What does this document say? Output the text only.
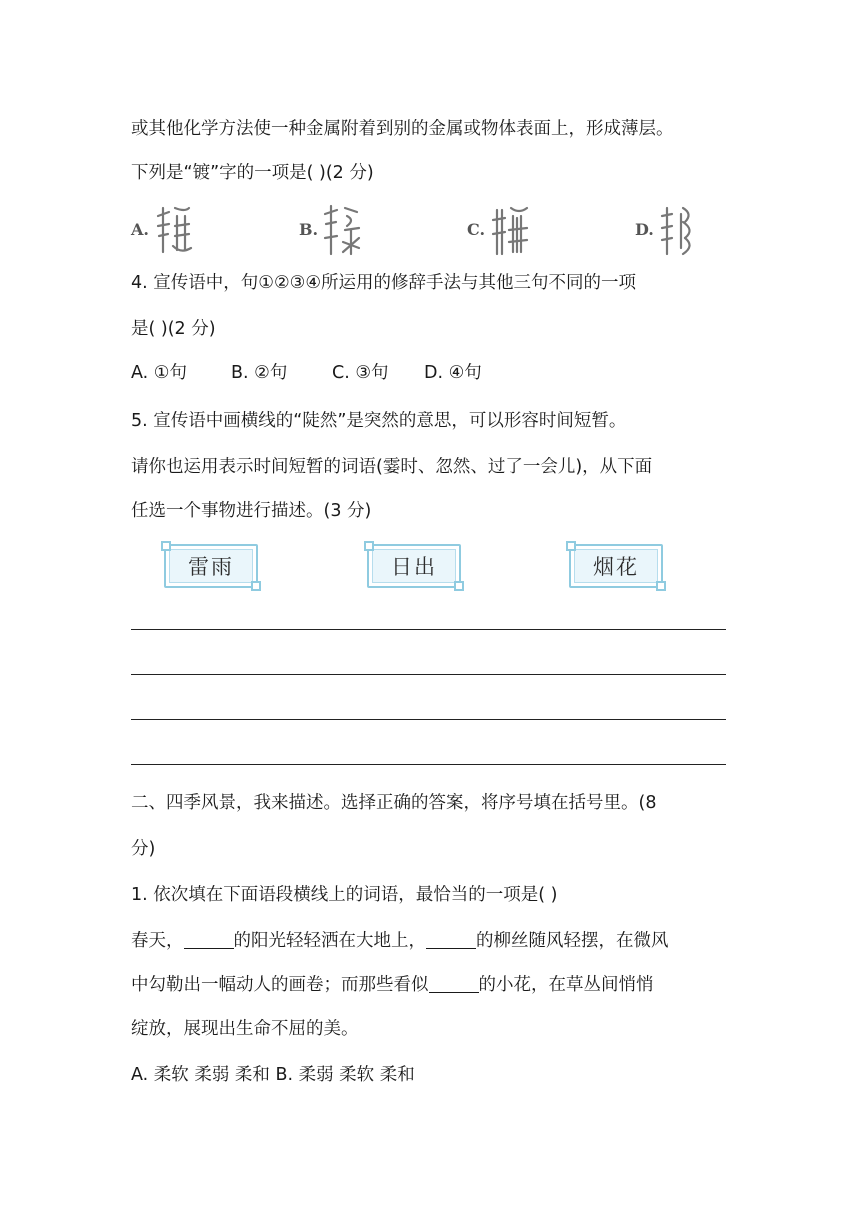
或其他化学方法使一种金属附着到别的金属或物体表面上，形成薄层。
下列是“镀”字的一项是( )(2 分)
A.	B.	C.	D.
4. 宣传语中，句①②③④所运用的修辞手法与其他三句不同的一项
是( )(2 分)
A. ①句	B. ②句	C. ③句 D. ④句
5. 宣传语中画横线的“陡然”是突然的意思，可以形容时间短暂。
请你也运用表示时间短暂的词语(霎时、忽然、过了一会儿)，从下面
任选一个事物进行描述。(3 分)
雷雨	日出	烟花
二、四季风景，我来描述。选择正确的答案，将序号填在括号里。(8
分)
1. 依次填在下面语段横线上的词语，最恰当的一项是( )
春天，	的阳光轻轻洒在大地上，	的柳丝随风轻摆，在微风
中勾勒出一幅动人的画卷；而那些看似	的小花，在草丛间悄悄
绽放，展现出生命不屈的美。
A. 柔软 柔弱 柔和 B. 柔弱 柔软 柔和
